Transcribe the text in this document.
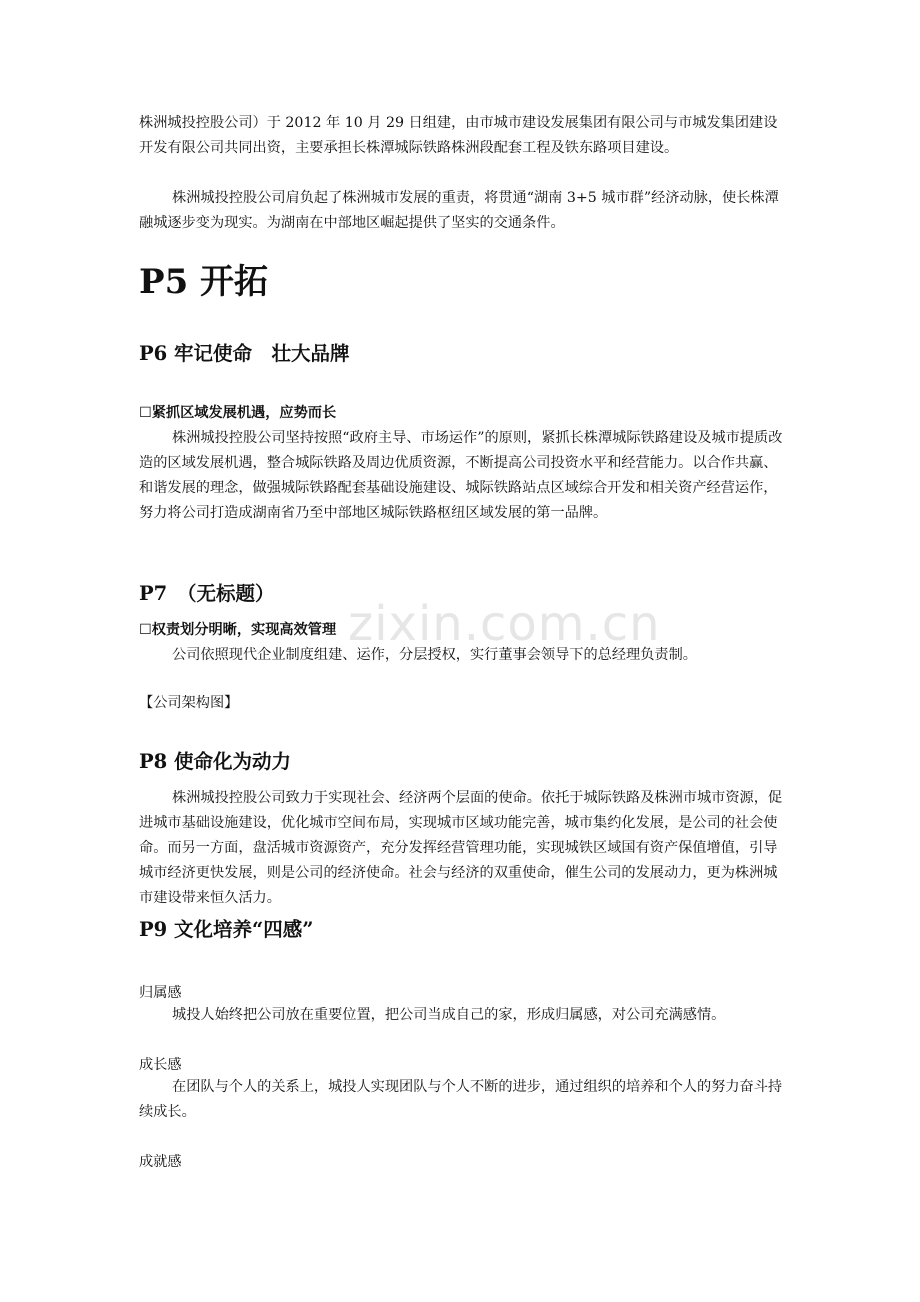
株洲城投控股公司）于 2012 年 10 月 29 日组建，由市城市建设发展集团有限公司与市城发集团建设开发有限公司共同出资，主要承担长株潭城际铁路株洲段配套工程及铁东路项目建设。

株洲城投控股公司肩负起了株洲城市发展的重责，将贯通“湖南 3+5 城市群”经济动脉，使长株潭融城逐步变为现实。为湖南在中部地区崛起提供了坚实的交通条件。

P5 开拓
P6 牢记使命　壮大品牌
☐紧抓区域发展机遇，应势而长

株洲城投控股公司坚持按照“政府主导、市场运作”的原则，紧抓长株潭城际铁路建设及城市提质改造的区域发展机遇，整合城际铁路及周边优质资源，不断提高公司投资水平和经营能力。以合作共赢、和谐发展的理念，做强城际铁路配套基础设施建设、城际铁路站点区域综合开发和相关资产经营运作，努力将公司打造成湖南省乃至中部地区城际铁路枢纽区域发展的第一品牌。

P7　（无标题）
☐权责划分明晰，实现高效管理

公司依照现代企业制度组建、运作，分层授权，实行董事会领导下的总经理负责制。

【公司架构图】
P8 使命化为动力

株洲城投控股公司致力于实现社会、经济两个层面的使命。依托于城际铁路及株洲市城市资源，促进城市基础设施建设，优化城市空间布局，实现城市区域功能完善，城市集约化发展，是公司的社会使命。而另一方面，盘活城市资源资产，充分发挥经营管理功能，实现城铁区域国有资产保值增值，引导城市经济更快发展，则是公司的经济使命。社会与经济的双重使命，催生公司的发展动力，更为株洲城市建设带来恒久活力。

P9 文化培养“四感”
归属感

城投人始终把公司放在重要位置，把公司当成自己的家，形成归属感，对公司充满感情。

成长感

在团队与个人的关系上，城投人实现团队与个人不断的进步，通过组织的培养和个人的努力奋斗持续成长。

成就感
zixin.com.cn
